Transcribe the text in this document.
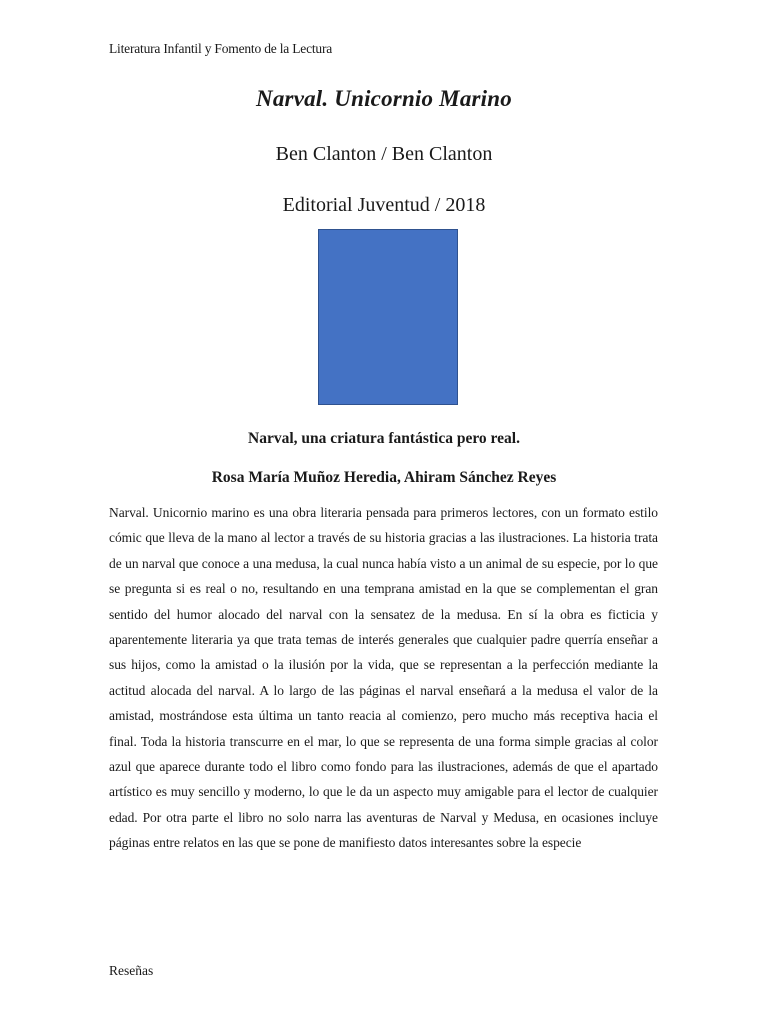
Literatura Infantil y Fomento de la Lectura
Narval. Unicornio Marino
Ben Clanton / Ben Clanton
Editorial Juventud / 2018
Narval, una criatura fantástica pero real.
Rosa María Muñoz Heredia, Ahiram Sánchez Reyes

Narval. Unicornio marino es una obra literaria pensada para primeros lectores, con un formato estilo cómic que lleva de la mano al lector a través de su historia gracias a las ilustraciones. La historia trata de un narval que conoce a una medusa, la cual nunca había visto a un animal de su especie, por lo que se pregunta si es real o no, resultando en una temprana amistad en la que se complementan el gran sentido del humor alocado del narval con la sensatez de la medusa. En sí la obra es ficticia y aparentemente literaria ya que trata temas de interés generales que cualquier padre querría enseñar a sus hijos, como la amistad o la ilusión por la vida, que se representan a la perfección mediante la actitud alocada del narval. A lo largo de las páginas el narval enseñará a la medusa el valor de la amistad, mostrándose esta última un tanto reacia al comienzo, pero mucho más receptiva hacia el final. Toda la historia transcurre en el mar, lo que se representa de una forma simple gracias al color azul que aparece durante todo el libro como fondo para las ilustraciones, además de que el apartado artístico es muy sencillo y moderno, lo que le da un aspecto muy amigable para el lector de cualquier edad. Por otra parte el libro no solo narra las aventuras de Narval y Medusa, en ocasiones incluye páginas entre relatos en las que se pone de manifiesto datos interesantes sobre la especie

Reseñas
